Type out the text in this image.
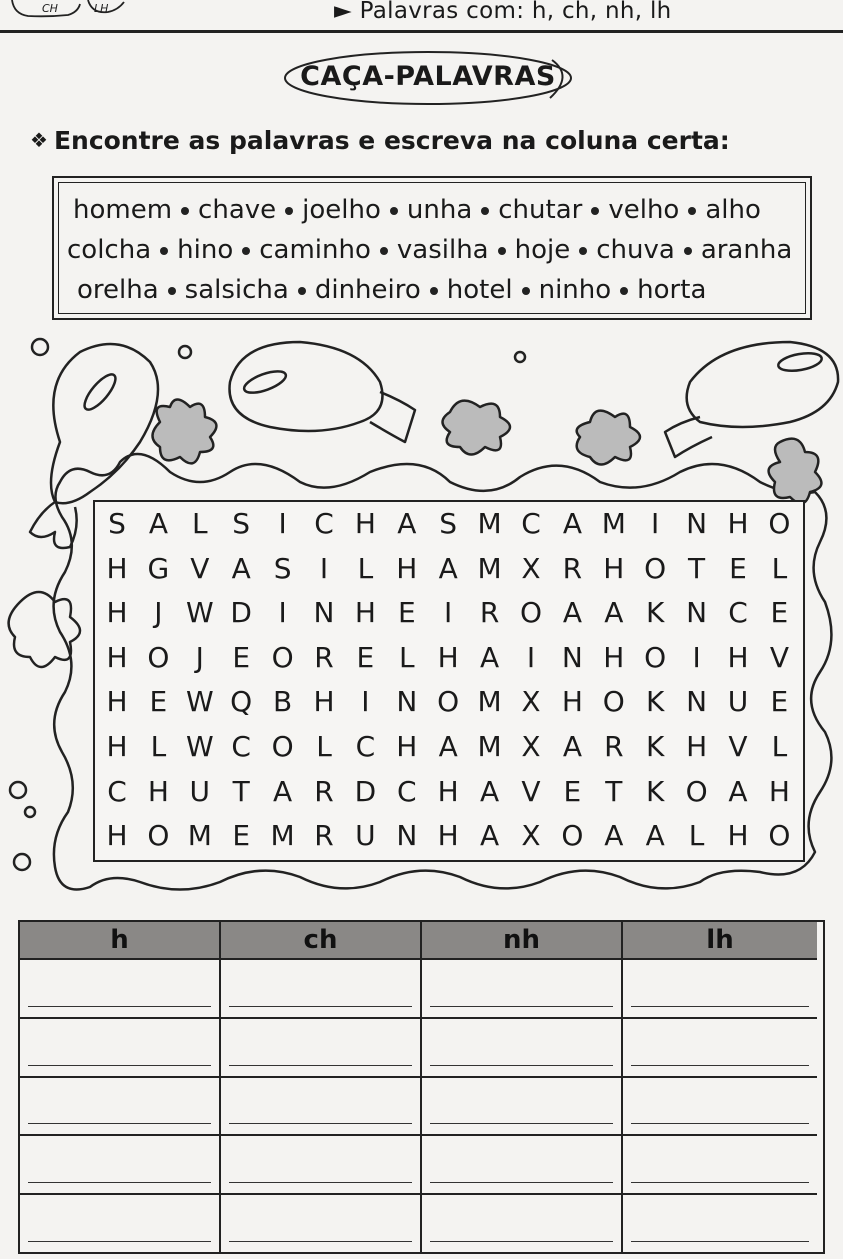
CH	LH	► Palavras com: h, ch, nh, lh
CAÇA-PALAVRAS
❖ Encontre as palavras e escreva na coluna certa:
homem chave joelho unha chutar velho alho
colcha hino caminho vasilha hoje chuva aranha
orelha salsicha dinheiro hotel ninho horta
S A L S	I C H A S M C A M I N H O
H G V A S	I	L H A M X R H O T E L
H J W D I N H E	I R O A A K N C E
H O J	E O R E L H A I N H O I H V
H E W Q B H I N O M X H O K N U E
H L W C O L C H A M X A R K H V L
C H U T A R D C H A V E T K O A H
H O M E M R U N H A X O A A L H O
h	ch	nh	lh
